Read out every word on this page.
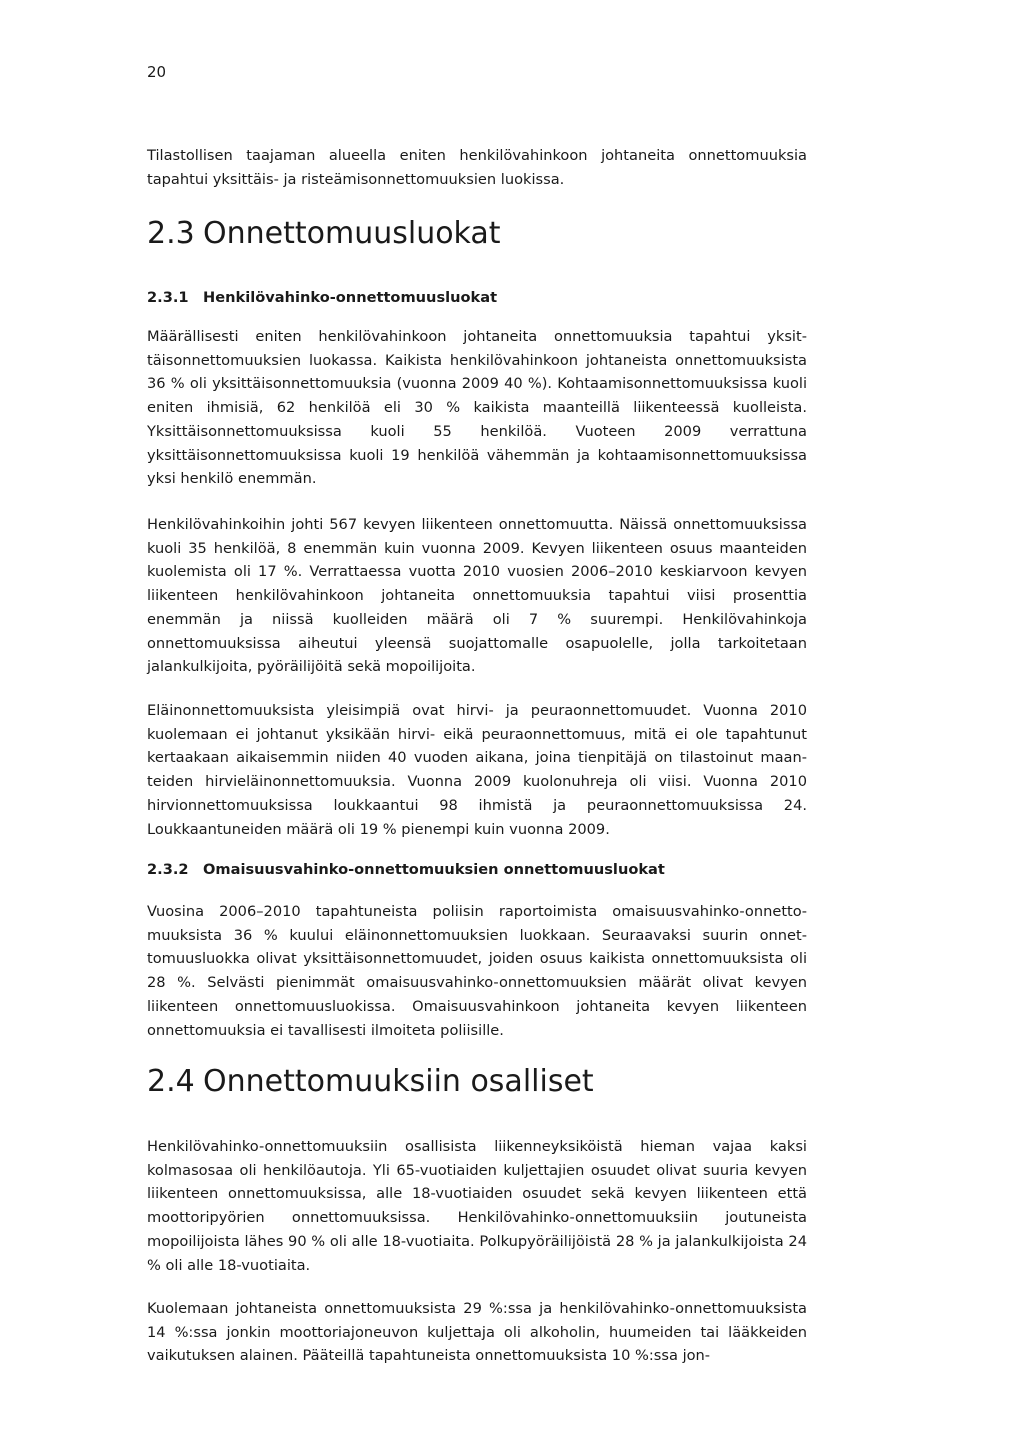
20

Tilastollisen taajaman alueella eniten henkilövahinkoon johtaneita onnettomuuksia tapahtui yksittäis- ja risteämisonnettomuuksien luokissa.

2.3 Onnettomuusluokat
2.3.1 Henkilövahinko-onnettomuusluokat

Määrällisesti eniten henkilövahinkoon johtaneita onnettomuuksia tapahtui yksittäisonnettomuuksien luokassa. Kaikista henkilövahinkoon johtaneista onnettomuuksista 36 % oli yksittäisonnettomuuksia (vuonna 2009 40 %). Kohtaamisonnettomuuksissa kuoli eniten ihmisiä, 62 henkilöä eli 30 % kaikista maanteillä liikenteessä kuolleista. Yksittäisonnettomuuksissa kuoli 55 henkilöä. Vuoteen 2009 verrattuna yksittäisonnettomuuksissa kuoli 19 henkilöä vähemmän ja kohtaamisonnettomuuksissa yksi henkilö enemmän.

Henkilövahinkoihin johti 567 kevyen liikenteen onnettomuutta. Näissä onnettomuuksissa kuoli 35 henkilöä, 8 enemmän kuin vuonna 2009. Kevyen liikenteen osuus maanteiden kuolemista oli 17 %. Verrattaessa vuotta 2010 vuosien 2006–2010 keskiarvoon kevyen liikenteen henkilövahinkoon johtaneita onnettomuuksia tapahtui viisi prosenttia enemmän ja niissä kuolleiden määrä oli 7 % suurempi. Henkilövahinkoja onnettomuuksissa aiheutui yleensä suojattomalle osapuolelle, jolla tarkoitetaan jalankulkijoita, pyöräilijöitä sekä mopoilijoita.

Eläinonnettomuuksista yleisimpiä ovat hirvi- ja peuraonnettomuudet. Vuonna 2010 kuolemaan ei johtanut yksikään hirvi- eikä peuraonnettomuus, mitä ei ole tapahtunut kertaakaan aikaisemmin niiden 40 vuoden aikana, joina tienpitäjä on tilastoinut maan-teiden hirvieläinonnettomuuksia. Vuonna 2009 kuolonuhreja oli viisi. Vuonna 2010 hirvionnettomuuksissa loukkaantui 98 ihmistä ja peuraonnettomuuksissa 24. Loukkaantuneiden määrä oli 19 % pienempi kuin vuonna 2009.

2.3.2 Omaisuusvahinko-onnettomuuksien onnettomuusluokat

Vuosina 2006–2010 tapahtuneista poliisin raportoimista omaisuusvahinko-onnettomuuksista 36 % kuului eläinonnettomuuksien luokkaan. Seuraavaksi suurin onnettomuusluokka olivat yksittäisonnettomuudet, joiden osuus kaikista onnettomuuksista oli 28 %. Selvästi pienimmät omaisuusvahinko-onnettomuuksien määrät olivat kevyen liikenteen onnettomuusluokissa. Omaisuusvahinkoon johtaneita kevyen liikenteen onnettomuuksia ei tavallisesti ilmoiteta poliisille.

2.4 Onnettomuuksiin osalliset

Henkilövahinko-onnettomuuksiin osallisista liikenneyksiköistä hieman vajaa kaksi kolmasosaa oli henkilöautoja. Yli 65-vuotiaiden kuljettajien osuudet olivat suuria kevyen liikenteen onnettomuuksissa, alle 18-vuotiaiden osuudet sekä kevyen liikenteen että moottoripyörien onnettomuuksissa. Henkilövahinko-onnettomuuksiin joutuneista mopoilijoista lähes 90 % oli alle 18-vuotiaita. Polkupyöräilijöistä 28 % ja jalankulkijoista 24 % oli alle 18-vuotiaita.

Kuolemaan johtaneista onnettomuuksista 29 %:ssa ja henkilövahinko-onnettomuuksista 14 %:ssa jonkin moottoriajoneuvon kuljettaja oli alkoholin, huumeiden tai lääkkeiden vaikutuksen alainen. Pääteillä tapahtuneista onnettomuuksista 10 %:ssa jon-
